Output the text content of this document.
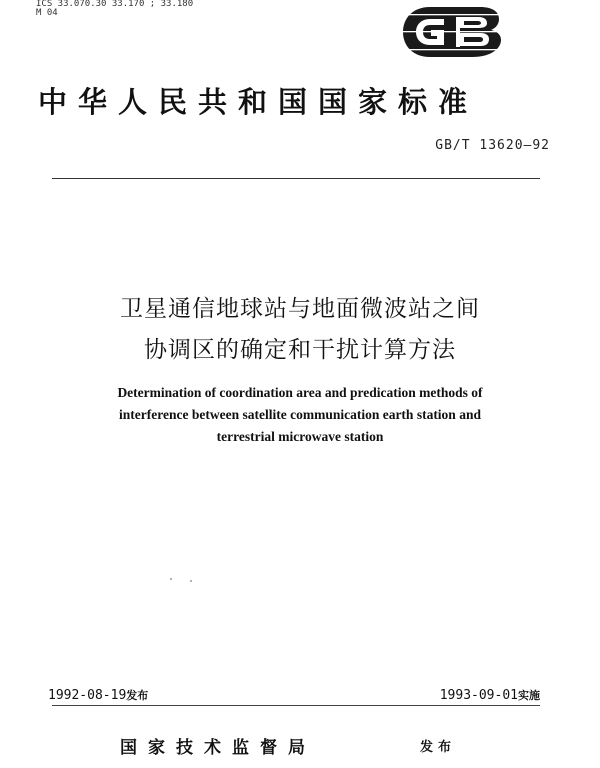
ICS 33.070.30 33.170 ; 33.180
M 04
中华人民共和国国家标准
GB/T 13620—92
卫星通信地球站与地面微波站之间
协调区的确定和干扰计算方法
Determination of coordination area and predication methods of
interference between satellite communication earth station and
terrestrial microwave station
1992-08-19发布	1993-09-01实施
国家技术监督局	发布
